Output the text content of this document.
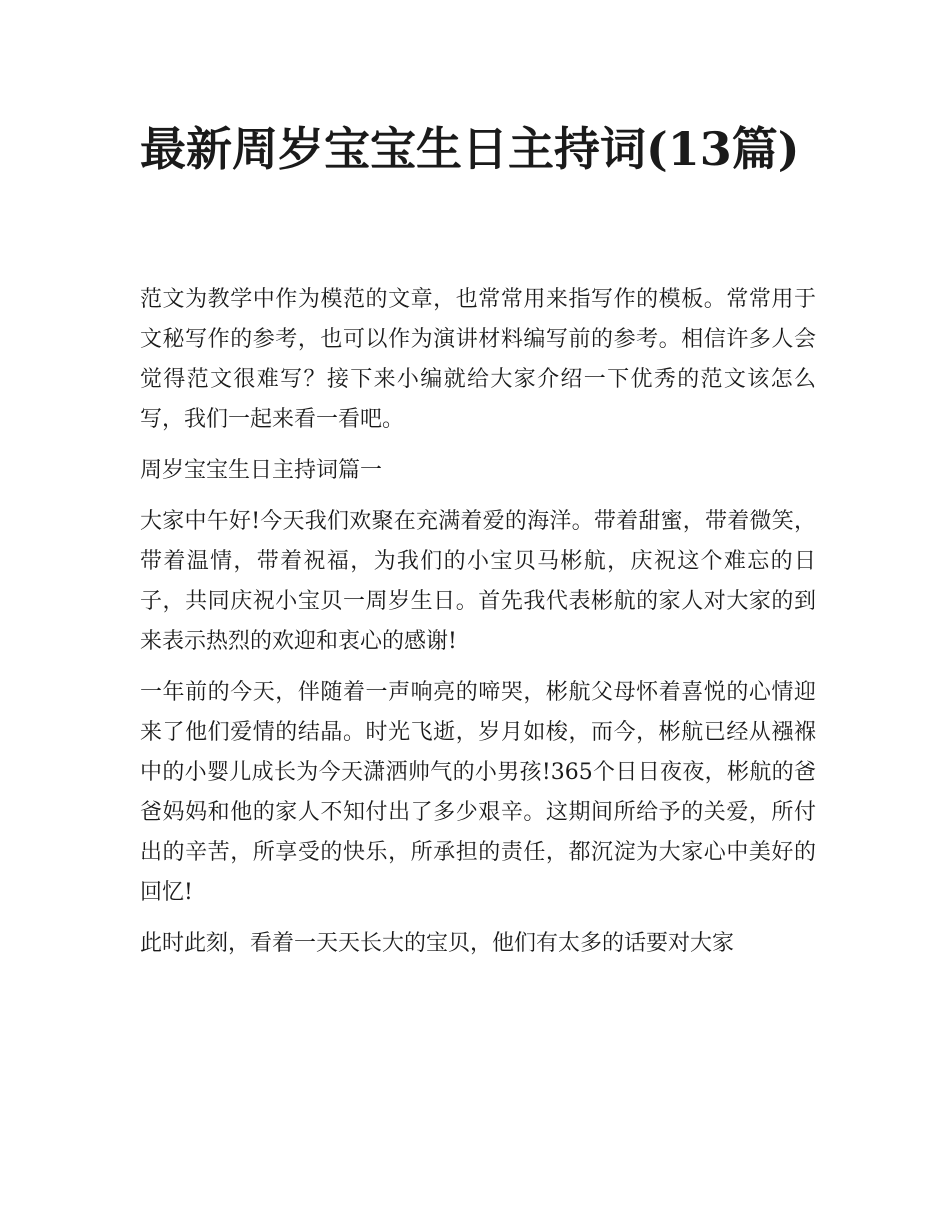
最新周岁宝宝生日主持词(13篇)

范文为教学中作为模范的文章，也常常用来指写作的模板。常常用于文秘写作的参考，也可以作为演讲材料编写前的参考。相信许多人会觉得范文很难写？接下来小编就给大家介绍一下优秀的范文该怎么写，我们一起来看一看吧。

周岁宝宝生日主持词篇一

大家中午好!今天我们欢聚在充满着爱的海洋。带着甜蜜，带着微笑，带着温情，带着祝福，为我们的小宝贝马彬航，庆祝这个难忘的日子，共同庆祝小宝贝一周岁生日。首先我代表彬航的家人对大家的到来表示热烈的欢迎和衷心的感谢!

一年前的今天，伴随着一声响亮的啼哭，彬航父母怀着喜悦的心情迎来了他们爱情的结晶。时光飞逝，岁月如梭，而今，彬航已经从襁褓中的小婴儿成长为今天潇洒帅气的小男孩!365个日日夜夜，彬航的爸爸妈妈和他的家人不知付出了多少艰辛。这期间所给予的关爱，所付出的辛苦，所享受的快乐，所承担的责任，都沉淀为大家心中美好的回忆!

此时此刻，看着一天天长大的宝贝，他们有太多的话要对大家
